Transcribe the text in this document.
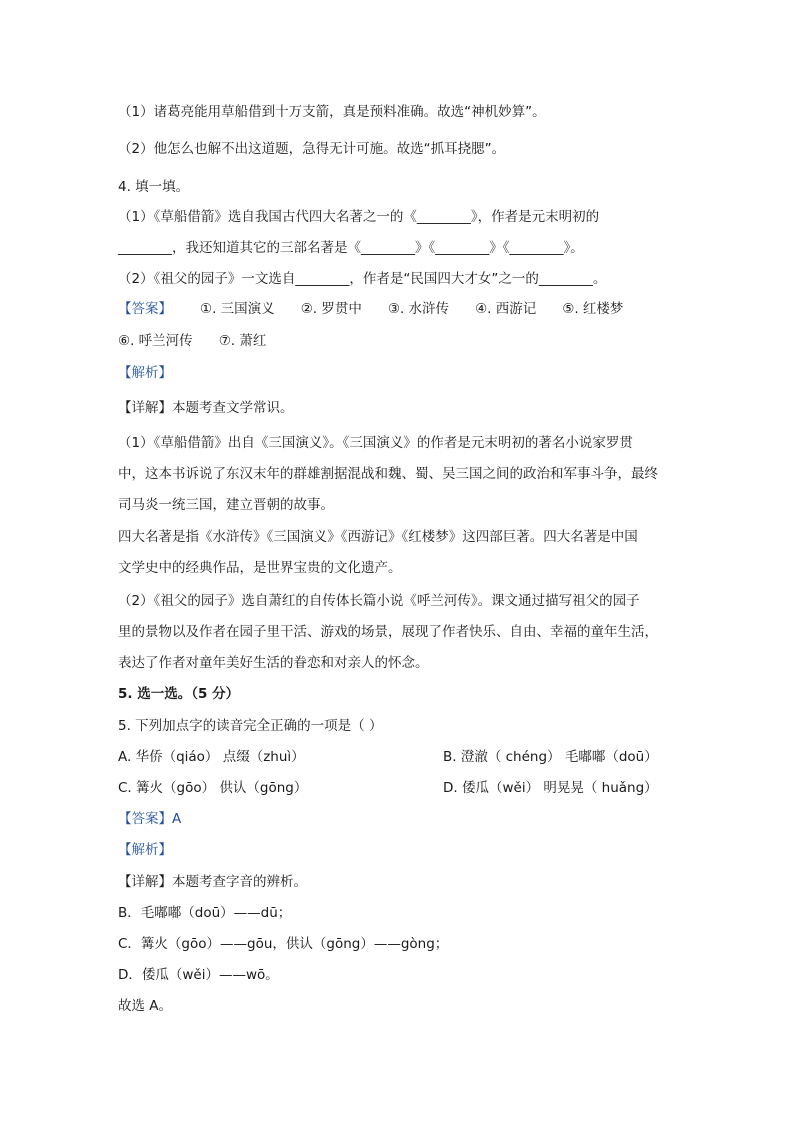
（1）诸葛亮能用草船借到十万支箭，真是预料准确。故选“神机妙算”。
（2）他怎么也解不出这道题，急得无计可施。故选“抓耳挠腮”。
4. 填一填。
（1）《草船借箭》选自我国古代四大名著之一的《________》，作者是元末明初的
________，我还知道其它的三部名著是《________》《________》《________》。
（2）《祖父的园子》一文选自________，作者是“民国四大才女”之一的________。
【答案】 ①. 三国演义 ②. 罗贯中 ③. 水浒传 ④. 西游记 ⑤. 红楼梦
⑥. 呼兰河传 ⑦. 萧红
【解析】
【详解】本题考查文学常识。
（1）《草船借箭》出自《三国演义》。《三国演义》的作者是元末明初的著名小说家罗贯
中，这本书诉说了东汉末年的群雄割据混战和魏、蜀、吴三国之间的政治和军事斗争，最终
司马炎一统三国，建立晋朝的故事。
四大名著是指《水浒传》《三国演义》《西游记》《红楼梦》这四部巨著。四大名著是中国
文学史中的经典作品，是世界宝贵的文化遗产。
（2）《祖父的园子》选自萧红的自传体长篇小说《呼兰河传》。课文通过描写祖父的园子
里的景物以及作者在园子里干活、游戏的场景，展现了作者快乐、自由、幸福的童年生活，
表达了作者对童年美好生活的眷恋和对亲人的怀念。
5. 选一选。（5 分）
5. 下列加点字的读音完全正确的一项是（ ）
A. 华侨（qiáo） 点缀（zhuì）	B. 澄澈（ chéng） 毛嘟嘟（doū）
C. 篝火（gōo） 供认（gōng）	D. 倭瓜（wěi） 明晃晃（ huǎng）
【答案】A
【解析】
【详解】本题考查字音的辨析。
B．毛嘟嘟（doū）——dū；
C．篝火（gōo）——gōu，供认（gōng）——gòng；
D．倭瓜（wěi）——wō。
故选 A。
